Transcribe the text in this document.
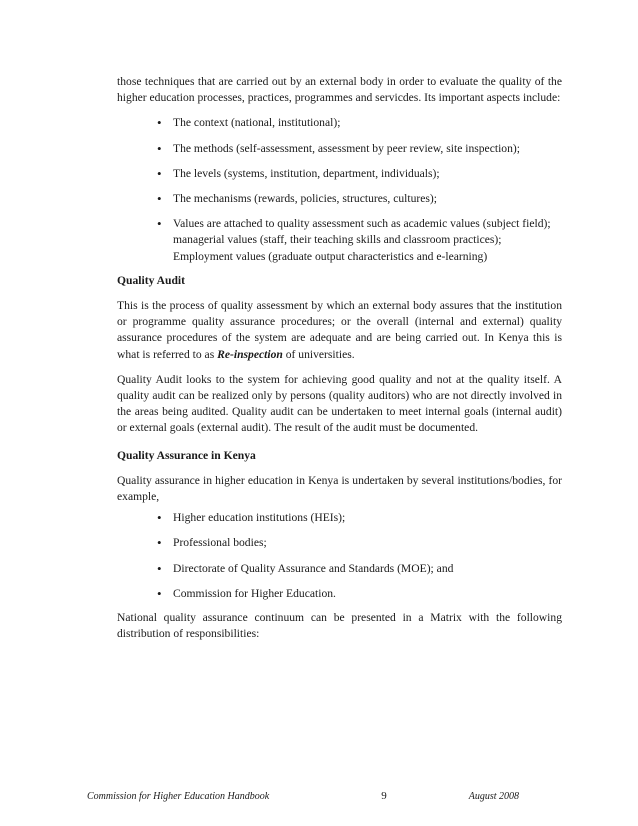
those techniques that are carried out by an external body in order to evaluate the quality of the higher education processes, practices, programmes and servicdes. Its important aspects include:

• The context (national, institutional);
• The methods (self-assessment, assessment by peer review, site inspection);
• The levels (systems, institution, department, individuals);
• The mechanisms (rewards, policies, structures, cultures);
• Values are attached to quality assessment such as academic values (subject field); managerial values (staff, their teaching skills and classroom practices); Employment values (graduate output characteristics and e-learning)

Quality Audit

This is the process of quality assessment by which an external body assures that the institution or programme quality assurance procedures; or the overall (internal and external) quality assurance procedures of the system are adequate and are being carried out. In Kenya this is what is referred to as Re-inspection of universities.

Quality Audit looks to the system for achieving good quality and not at the quality itself. A quality audit can be realized only by persons (quality auditors) who are not directly involved in the areas being audited. Quality audit can be undertaken to meet internal goals (internal audit) or external goals (external audit). The result of the audit must be documented.

Quality Assurance in Kenya

Quality assurance in higher education in Kenya is undertaken by several institutions/bodies, for example,

• Higher education institutions (HEIs);
• Professional bodies;
• Directorate of Quality Assurance and Standards (MOE); and
• Commission for Higher Education.

National quality assurance continuum can be presented in a Matrix with the following distribution of responsibilities:

Commission for Higher Education Handbook	9	August 2008
